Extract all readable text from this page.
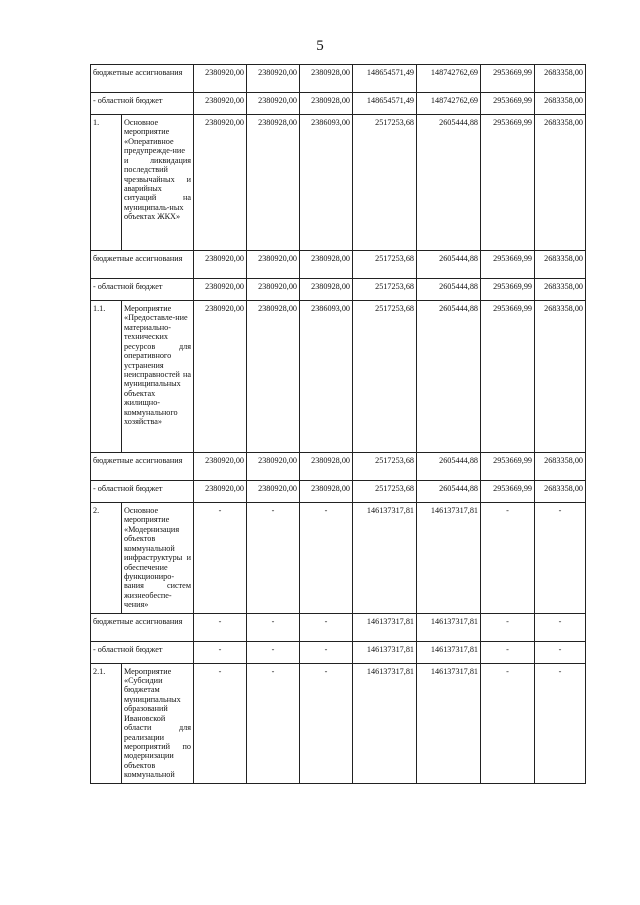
5
бюджетные ассигнования		2380920,00	2380920,00	2380928,00	148654571,49	148742762,69	2953669,99	2683358,00
- областной бюджет		2380920,00	2380920,00	2380928,00	148654571,49	148742762,69	2953669,99	2683358,00
1.	Основное мероприятие «Оперативное предупрежде-ние и ликвидация последствий чрезвычайных и аварийных ситуаций на муниципаль-ных объектах ЖКХ»	2380920,00	2380928,00	2386093,00	2517253,68	2605444,88	2953669,99	2683358,00
бюджетные ассигнования		2380920,00	2380920,00	2380928,00	2517253,68	2605444,88	2953669,99	2683358,00
- областной бюджет		2380920,00	2380920,00	2380928,00	2517253,68	2605444,88	2953669,99	2683358,00
1.1.	Мероприятие «Предоставле-ние материально-технических ресурсов для оперативного устранения неисправностей на муниципальных объектах жилищно-коммунального хозяйства»	2380920,00	2380928,00	2386093,00	2517253,68	2605444,88	2953669,99	2683358,00
бюджетные ассигнования		2380920,00	2380920,00	2380928,00	2517253,68	2605444,88	2953669,99	2683358,00
- областной бюджет		2380920,00	2380920,00	2380928,00	2517253,68	2605444,88	2953669,99	2683358,00
2.	Основное мероприятие «Модернизация объектов коммунальной инфраструктуры и обеспечение функциониро-вания систем жизнеобеспе-чения»	-	-	-	146137317,81	146137317,81	-	-
бюджетные ассигнования		-	-	-	146137317,81	146137317,81	-	-
- областной бюджет		-	-	-	146137317,81	146137317,81	-	-
2.1.	Мероприятие «Субсидии бюджетам муниципальных образований Ивановской области для реализации мероприятий по модернизации объектов коммунальной	-	-	-	146137317,81	146137317,81	-	-
